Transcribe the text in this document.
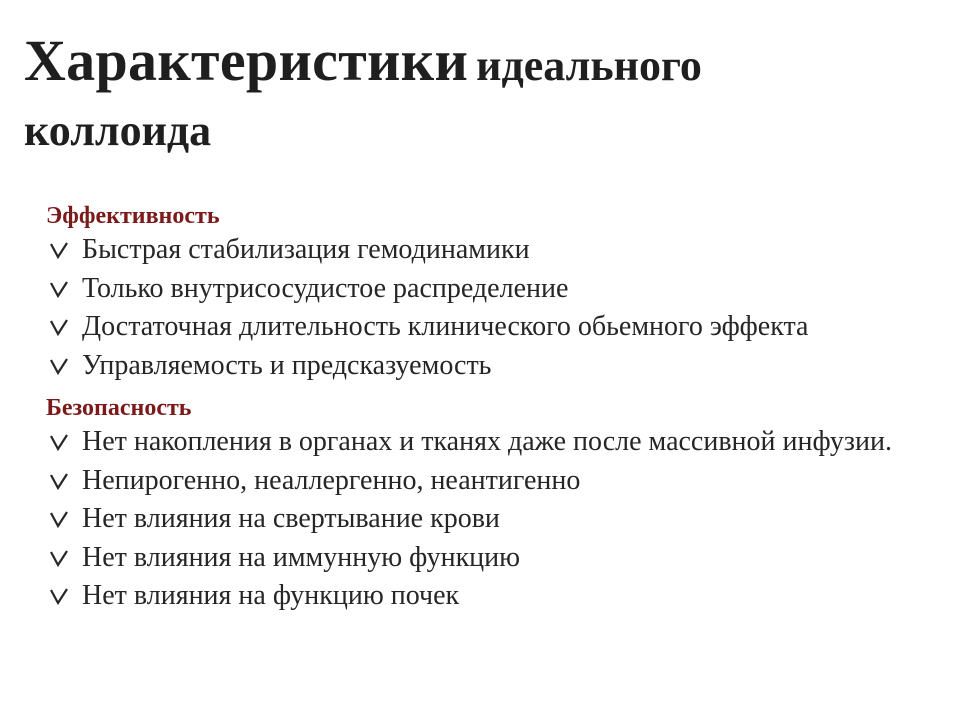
Характеристики идеального
коллоида

Эффективность

Быстрая стабилизация гемодинамики
Только внутрисосудистое распределение
Достаточная длительность клинического обьемного эффекта
Управляемость и предсказуемость

Безопасность

Нет накопления в органах и тканях даже после массивной инфузии.
Непирогенно, неаллергенно, неантигенно
Нет влияния на свертывание крови
Нет влияния на иммунную функцию
Нет влияния на функцию почек
